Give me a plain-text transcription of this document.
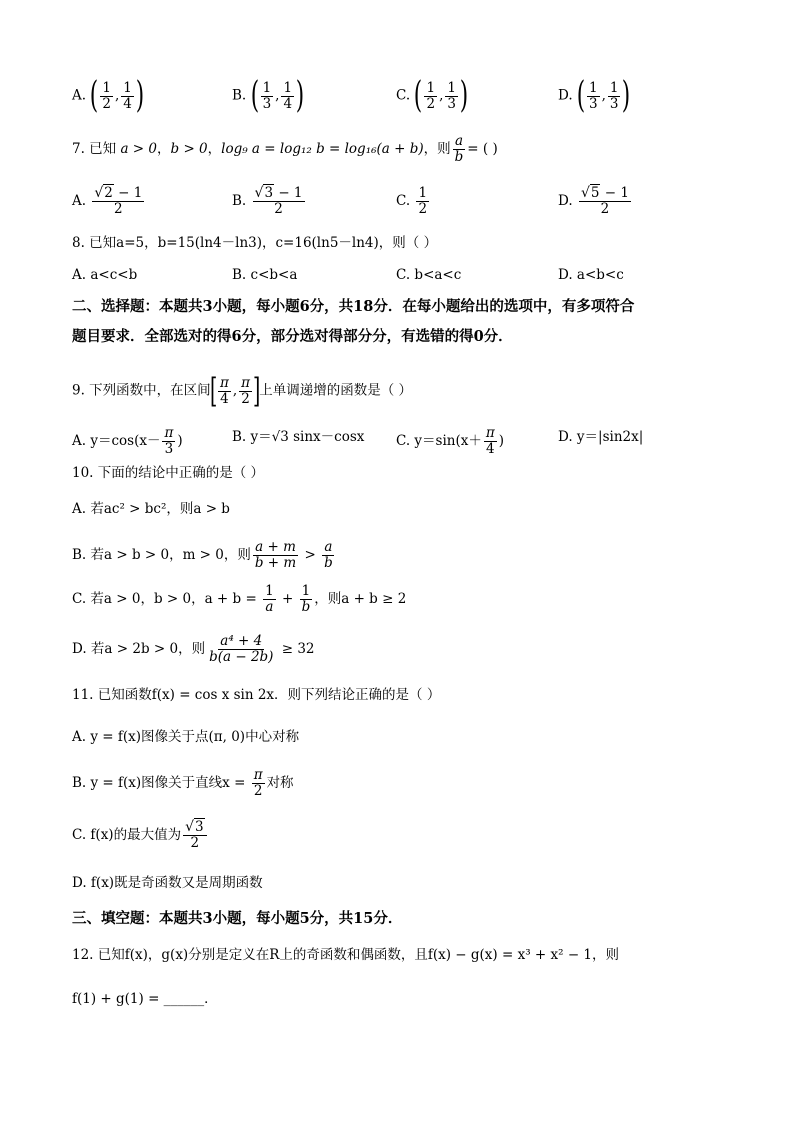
A. ( $\frac{1}{2}$ , $\frac{1}{4}$ )	B. ( $\frac{1}{3}$ , $\frac{1}{4}$ )	C. ( $\frac{1}{2}$ , $\frac{1}{3}$ )	D. ( $\frac{1}{3}$ , $\frac{1}{3}$ )
7. 已知 a > 0，b > 0，log₉ a = log₁₂ b = log₁₆(a + b)，则 $\frac{a}{b}$ = ( )
A. $\frac{√2 - 1}{2}$	B. $\frac{√3 - 1}{2}$	C. $\frac{1}{2}$	D. $\frac{√5 - 1}{2}$
8. 已知a=5，b=15(ln4－ln3)，c=16(ln5－ln4)，则（ ）
A. a<c<b	B. c<b<a	C. b<a<c	D. a<b<c
二、选择题：本题共3小题，每小题6分，共18分．在每小题给出的选项中，有多项符合
题目要求．全部选对的得6分，部分选对得部分分，有选错的得0分．
9. 下列函数中，在区间[ $\frac{\pi}{4}$ , $\frac{\pi}{2}$ ]上单调递增的函数是（ ）
A. $y=\cos(x- \frac{\pi}{3}$ )	B. y＝√3 sinx－cosx C. $y=\sin(x+ \frac{\pi}{4}$ )	D. y＝|sin2x|
10. 下面的结论中正确的是（ ）
A. 若ac² > bc²，则a > b
B. 若a > b > 0，m > 0，则 $\frac{a + m}{b + m} > \frac{a}{b}$
C. 若a > 0，b > 0，$a + b = \frac{1}{a} + \frac{1}{b}$ ，则a + b ≥ 2
D. 若a > 2b > 0，则 $\frac{\text{a⁴ + 4}}{b(a - 2b)} \ge 32$
11. 已知函数f(x) = cos x sin 2x．则下列结论正确的是（ ）
A. y = f(x)图像关于点(π, 0)中心对称
B. y = f(x)图像关于直线$x = \frac{\pi}{2}$ 对称
C. f(x)的最大值为 $\frac{√3}{2}$
D. f(x)既是奇函数又是周期函数
三、填空题：本题共3小题，每小题5分，共15分．
12. 已知f(x)，g(x)分别是定义在R上的奇函数和偶函数，且f(x) − g(x) = x³ + x² − 1，则
f(1) + g(1) = ______．
